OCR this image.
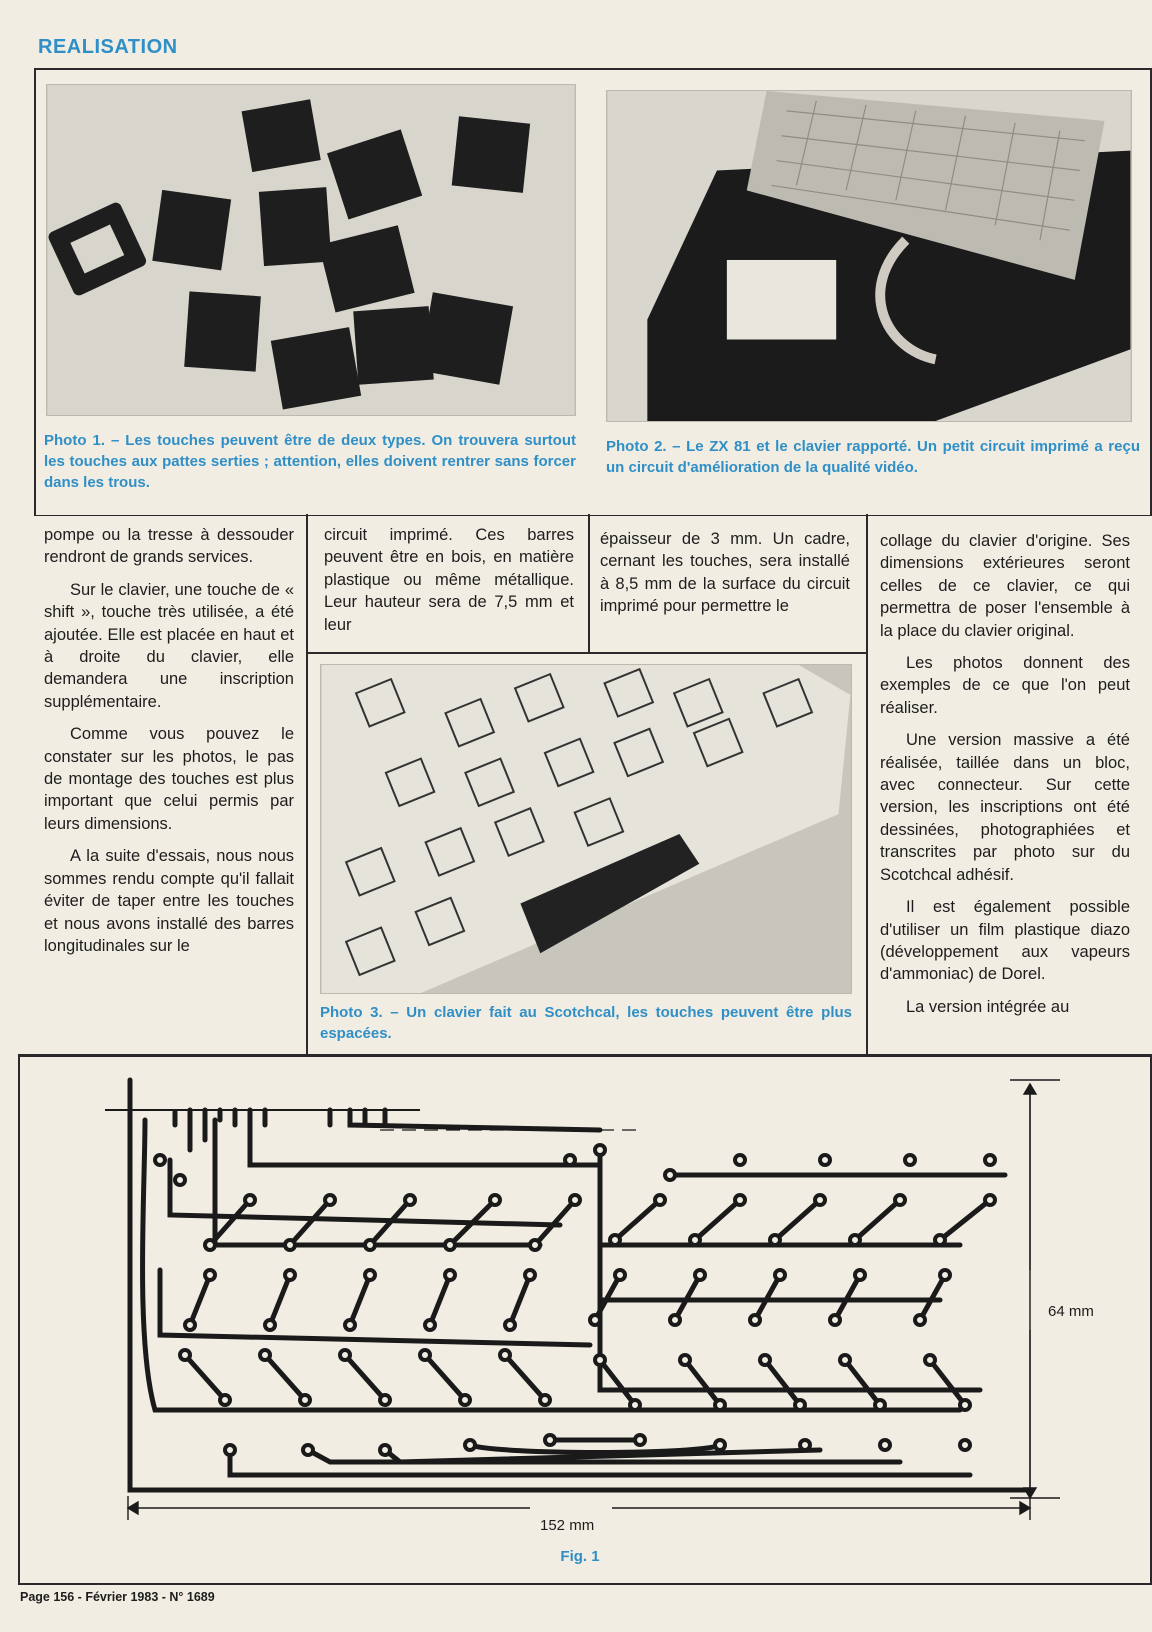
REALISATION
Photo 1. – Les touches peuvent être de deux types. On trouvera surtout les touches aux pattes serties ; attention, elles doivent rentrer sans forcer dans les trous.
Photo 2. – Le ZX 81 et le clavier rapporté. Un petit circuit imprimé a reçu un circuit d'amélioration de la qualité vidéo.

pompe ou la tresse à dessouder rendront de grands services.

Sur le clavier, une touche de « shift », touche très utilisée, a été ajoutée. Elle est placée en haut et à droite du clavier, elle demandera une inscription supplémentaire.

Comme vous pouvez le constater sur les photos, le pas de montage des touches est plus important que celui permis par leurs dimensions.

A la suite d'essais, nous nous sommes rendu compte qu'il fallait éviter de taper entre les touches et nous avons installé des barres longitudinales sur le

circuit imprimé. Ces barres peuvent être en bois, en matière plastique ou même métallique. Leur hauteur sera de 7,5 mm et leur

épaisseur de 3 mm. Un cadre, cernant les touches, sera installé à 8,5 mm de la surface du circuit imprimé pour permettre le

collage du clavier d'origine. Ses dimensions extérieures seront celles de ce clavier, ce qui permettra de poser l'ensemble à la place du clavier original.

Les photos donnent des exemples de ce que l'on peut réaliser.

Une version massive a été réalisée, taillée dans un bloc, avec connecteur. Sur cette version, les inscriptions ont été dessinées, photographiées et transcrites par photo sur du Scotchcal adhésif.

Il est également possible d'utiliser un film plastique diazo (développement aux vapeurs d'ammoniac) de Dorel.

La version intégrée au

Photo 3. – Un clavier fait au Scotchcal, les touches peuvent être plus espacées.
64 mm
152 mm
Fig. 1
Page 156 - Février 1983 - N° 1689
